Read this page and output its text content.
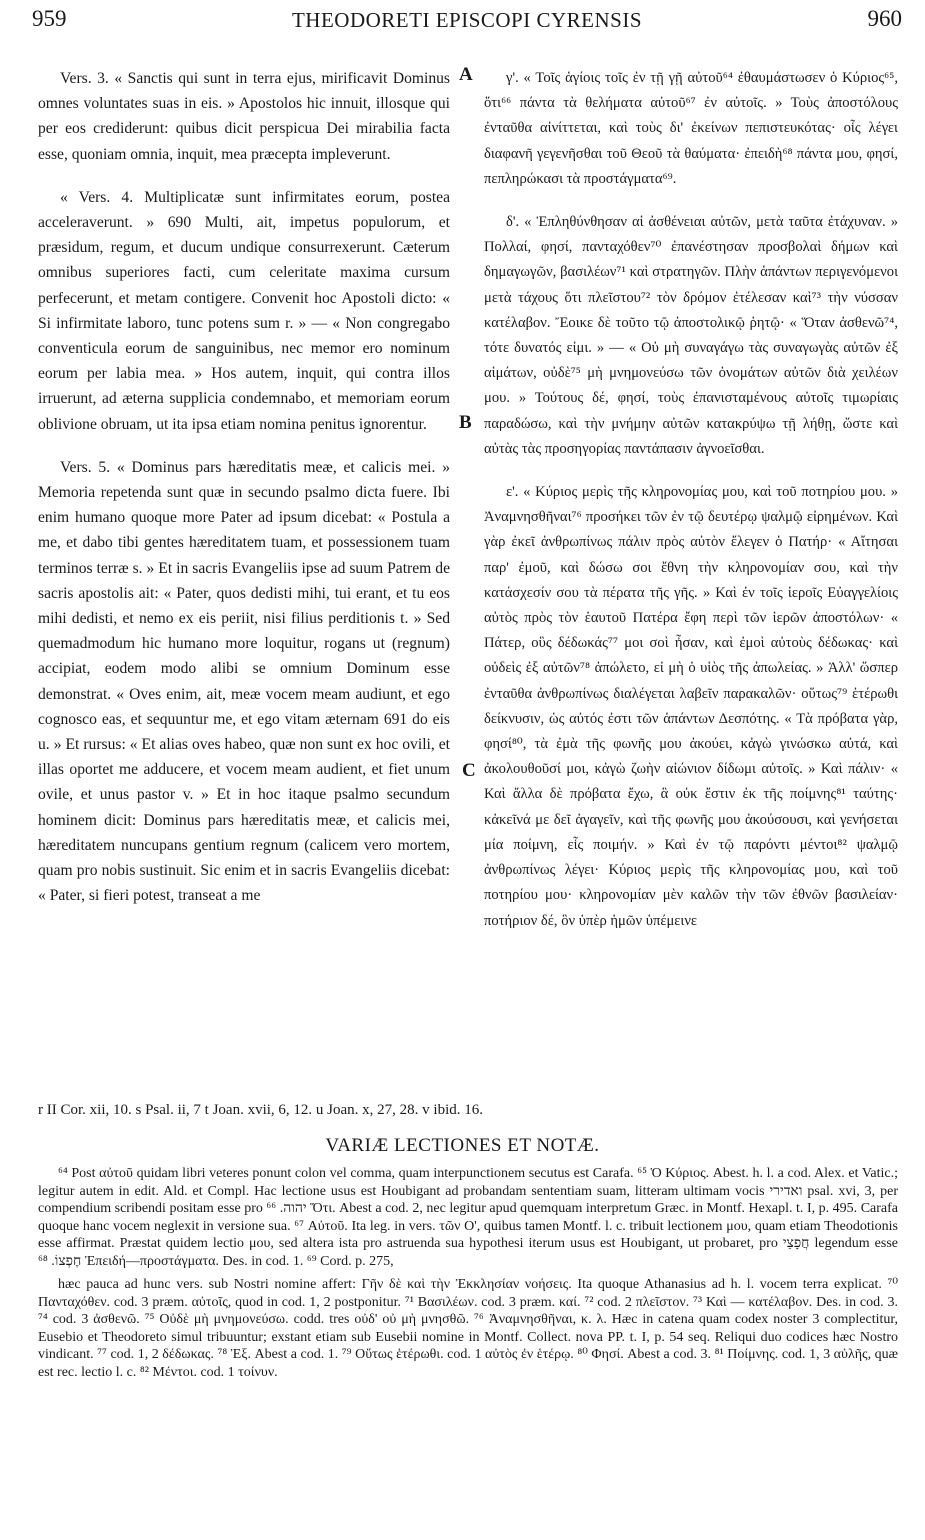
959	THEODORETI EPISCOPI CYRENSIS	960

Vers. 3. « Sanctis qui sunt in terra ejus, mirificavit Dominus omnes voluntates suas in eis. » Apostolos hic innuit, illosque qui per eos crediderunt: quibus dicit perspicua Dei mirabilia facta esse, quoniam omnia, inquit, mea præcepta impleverunt.

« Vers. 4. Multiplicatæ sunt infirmitates eorum, postea acceleraverunt. » 690 Multi, ait, impetus populorum, et præsidum, regum, et ducum undique consurrexerunt. Cæterum omnibus superiores facti, cum celeritate maxima cursum perfecerunt, et metam contigere. Convenit hoc Apostoli dicto: « Si infirmitate laboro, tunc potens sum r. » — « Non congregabo conventicula eorum de sanguinibus, nec memor ero nominum eorum per labia mea. » Hos autem, inquit, qui contra illos irruerunt, ad æterna supplicia condemnabo, et memoriam eorum oblivione obruam, ut ita ipsa etiam nomina penitus ignorentur.

Vers. 5. « Dominus pars hæreditatis meæ, et calicis mei. » Memoria repetenda sunt quæ in secundo psalmo dicta fuere. Ibi enim humano quoque more Pater ad ipsum dicebat: « Postula a me, et dabo tibi gentes hæreditatem tuam, et possessionem tuam terminos terræ s. » Et in sacris Evangeliis ipse ad suum Patrem de sacris apostolis ait: « Pater, quos dedisti mihi, tui erant, et tu eos mihi dedisti, et nemo ex eis periit, nisi filius perditionis t. » Sed quemadmodum hic humano more loquitur, rogans ut (regnum) accipiat, eodem modo alibi se omnium Dominum esse demonstrat. « Oves enim, ait, meæ vocem meam audiunt, et ego cognosco eas, et sequuntur me, et ego vitam æternam 691 do eis u. » Et rursus: « Et alias oves habeo, quæ non sunt ex hoc ovili, et illas oportet me adducere, et vocem meam audient, et fiet unum ovile, et unus pastor v. » Et in hoc itaque psalmo secundum hominem dicit: Dominus pars hæreditatis meæ, et calicis mei, hæreditatem nuncupans gentium regnum (calicem vero mortem, quam pro nobis sustinuit. Sic enim et in sacris Evangeliis dicebat: « Pater, si fieri potest, transeat a me

A
B
C

γ'. « Τοῖς ἁγίοις τοῖς ἐν τῇ γῇ αὐτοῦ⁶⁴ ἐθαυμάστωσεν ὁ Κύριος⁶⁵, ὅτι⁶⁶ πάντα τὰ θελήματα αὐτοῦ⁶⁷ ἐν αὐτοῖς. » Τοὺς ἀποστόλους ἐνταῦθα αἰνίττεται, καὶ τοὺς δι' ἐκείνων πεπιστευκότας· οἷς λέγει διαφανῆ γεγενῆσθαι τοῦ Θεοῦ τὰ θαύματα· ἐπειδὴ⁶⁸ πάντα μου, φησί, πεπληρώκασι τὰ προστάγματα⁶⁹.

δ'. « Ἐπληθύνθησαν αἱ ἀσθένειαι αὐτῶν, μετὰ ταῦτα ἐτάχυναν. » Πολλαί, φησί, πανταχόθεν⁷⁰ ἐπανέστησαν προσβολαὶ δήμων καὶ δημαγωγῶν, βασιλέων⁷¹ καὶ στρατηγῶν. Πλὴν ἁπάντων περιγενόμενοι μετὰ τάχους ὅτι πλεῖστου⁷² τὸν δρόμον ἐτέλεσαν καὶ⁷³ τὴν νύσσαν κατέλαβον. Ἔοικε δὲ τοῦτο τῷ ἀποστολικῷ ῥητῷ· « Ὅταν ἀσθενῶ⁷⁴, τότε δυνατός εἰμι. » — « Οὐ μὴ συναγάγω τὰς συναγωγὰς αὐτῶν ἐξ αἱμάτων, οὐδὲ⁷⁵ μὴ μνημονεύσω τῶν ὀνομάτων αὐτῶν διὰ χειλέων μου. » Τούτους δέ, φησί, τοὺς ἐπανισταμένους αὐτοῖς τιμωρίαις παραδώσω, καὶ τὴν μνήμην αὐτῶν κατακρύψω τῇ λήθῃ, ὥστε καὶ αὐτὰς τὰς προσηγορίας παντάπασιν ἀγνοεῖσθαι.

ε'. « Κύριος μερὶς τῆς κληρονομίας μου, καὶ τοῦ ποτηρίου μου. » Ἀναμνησθῆναι⁷⁶ προσήκει τῶν ἐν τῷ δευτέρῳ ψαλμῷ εἰρημένων. Καὶ γὰρ ἐκεῖ ἀνθρωπίνως πάλιν πρὸς αὐτὸν ἔλεγεν ὁ Πατήρ· « Αἴτησαι παρ' ἐμοῦ, καὶ δώσω σοι ἔθνη τὴν κληρονομίαν σου, καὶ τὴν κατάσχεσίν σου τὰ πέρατα τῆς γῆς. » Καὶ ἐν τοῖς ἱεροῖς Εὐαγγελίοις αὐτὸς πρὸς τὸν ἑαυτοῦ Πατέρα ἔφη περὶ τῶν ἱερῶν ἀποστόλων· « Πάτερ, οὓς δέδωκάς⁷⁷ μοι σοὶ ἦσαν, καὶ ἐμοὶ αὐτοὺς δέδωκας· καὶ οὐδεὶς ἐξ αὐτῶν⁷⁸ ἀπώλετο, εἰ μὴ ὁ υἱὸς τῆς ἀπωλείας. » Ἀλλ' ὥσπερ ἐνταῦθα ἀνθρωπίνως διαλέγεται λαβεῖν παρακαλῶν· οὕτως⁷⁹ ἑτέρωθι δείκνυσιν, ὡς αὐτός ἐστι τῶν ἁπάντων Δεσπότης. « Τὰ πρόβατα γὰρ, φησί⁸⁰, τὰ ἐμὰ τῆς φωνῆς μου ἀκούει, κἀγὼ γινώσκω αὐτά, καὶ ἀκολουθοῦσί μοι, κἀγὼ ζωὴν αἰώνιον δίδωμι αὐτοῖς. » Καὶ πάλιν· « Καὶ ἄλλα δὲ πρόβατα ἔχω, ἃ οὐκ ἔστιν ἐκ τῆς ποίμνης⁸¹ ταύτης· κἀκεῖνά με δεῖ ἀγαγεῖν, καὶ τῆς φωνῆς μου ἀκούσουσι, καὶ γενήσεται μία ποίμνη, εἷς ποιμήν. » Καὶ ἐν τῷ παρόντι μέντοι⁸² ψαλμῷ ἀνθρωπίνως λέγει· Κύριος μερὶς τῆς κληρονομίας μου, καὶ τοῦ ποτηρίου μου· κληρονομίαν μὲν καλῶν τὴν τῶν ἐθνῶν βασιλείαν· ποτήριον δέ, ὃν ὑπὲρ ἡμῶν ὑπέμεινε

r II Cor. xii, 10. s Psal. ii, 7 t Joan. xvii, 6, 12. u Joan. x, 27, 28. v ibid. 16.
VARIÆ LECTIONES ET NOTÆ.

⁶⁴ Post αὐτοῦ quidam libri veteres ponunt colon vel comma, quam interpunctionem secutus est Carafa. ⁶⁵ Ὁ Κύριος. Abest. h. l. a cod. Alex. et Vatic.; legitur autem in edit. Ald. et Compl. Hac lectione usus est Houbigant ad probandam sententiam suam, litteram ultimam vocis ואדירי psal. xvi, 3, per compendium scribendi positam esse pro יהוה. ⁶⁶ Ὅτι. Abest a cod. 2, nec legitur apud quemquam interpretum Græc. in Montf. Hexapl. t. I, p. 495. Carafa quoque hanc vocem neglexit in versione sua. ⁶⁷ Αὐτοῦ. Ita leg. in vers. τῶν Ο', quibus tamen Montf. l. c. tribuit lectionem μου, quam etiam Theodotionis esse affirmat. Præstat quidem lectio μου, sed altera ista pro astruenda sua hypothesi iterum usus est Houbigant, ut probaret, pro חֲפָצַי legendum esse חֶפְצוֹ. ⁶⁸ Ἐπειδή—προστάγματα. Des. in cod. 1. ⁶⁹ Cord. p. 275,

hæc pauca ad hunc vers. sub Nostri nomine affert: Γῆν δὲ καὶ τὴν Ἐκκλησίαν νοήσεις. Ita quoque Athanasius ad h. l. vocem terra explicat. ⁷⁰ Πανταχόθεν. cod. 3 præm. αὐτοῖς, quod in cod. 1, 2 postponitur. ⁷¹ Βασιλέων. cod. 3 præm. καί. ⁷² cod. 2 πλεῖστον. ⁷³ Καὶ — κατέλαβον. Des. in cod. 3. ⁷⁴ cod. 3 ἀσθενῶ. ⁷⁵ Οὐδὲ μὴ μνημονεύσω. codd. tres οὐδ' οὐ μὴ μνησθῶ. ⁷⁶ Ἀναμνησθῆναι, κ. λ. Hæc in catena quam codex noster 3 complectitur, Eusebio et Theodoreto simul tribuuntur; exstant etiam sub Eusebii nomine in Montf. Collect. nova PP. t. I, p. 54 seq. Reliqui duo codices hæc Nostro vindicant. ⁷⁷ cod. 1, 2 δέδωκας. ⁷⁸ Ἐξ. Abest a cod. 1. ⁷⁹ Οὕτως ἑτέρωθι. cod. 1 αὐτὸς ἐν ἑτέρῳ. ⁸⁰ Φησί. Abest a cod. 3. ⁸¹ Ποίμνης. cod. 1, 3 αὐλῆς, quæ est rec. lectio l. c. ⁸² Μέντοι. cod. 1 τοίνυν.
